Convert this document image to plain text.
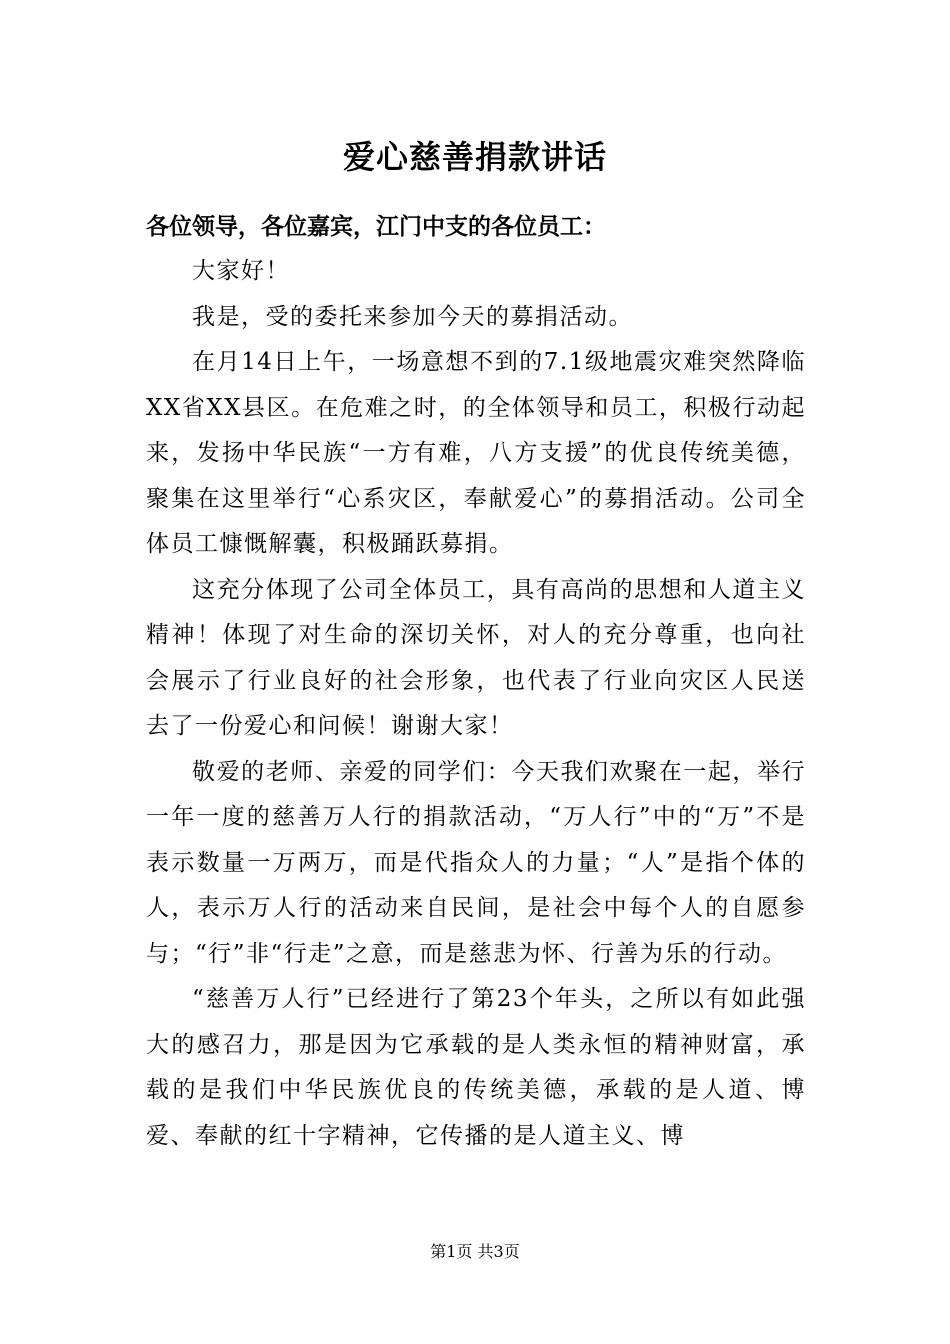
爱心慈善捐款讲话

各位领导，各位嘉宾，江门中支的各位员工：

大家好！

我是，受的委托来参加今天的募捐活动。

在月14日上午，一场意想不到的7.1级地震灾难突然降临XX省XX县区。在危难之时，的全体领导和员工，积极行动起来，发扬中华民族“一方有难，八方支援”的优良传统美德，聚集在这里举行“心系灾区，奉献爱心”的募捐活动。公司全体员工慷慨解囊，积极踊跃募捐。

这充分体现了公司全体员工，具有高尚的思想和人道主义精神！体现了对生命的深切关怀，对人的充分尊重，也向社会展示了行业良好的社会形象，也代表了行业向灾区人民送去了一份爱心和问候！谢谢大家！

敬爱的老师、亲爱的同学们：今天我们欢聚在一起，举行一年一度的慈善万人行的捐款活动，“万人行”中的“万”不是表示数量一万两万，而是代指众人的力量；“人”是指个体的人，表示万人行的活动来自民间，是社会中每个人的自愿参与；“行”非“行走”之意，而是慈悲为怀、行善为乐的行动。

“慈善万人行”已经进行了第23个年头，之所以有如此强大的感召力，那是因为它承载的是人类永恒的精神财富，承载的是我们中华民族优良的传统美德，承载的是人道、博爱、奉献的红十字精神，它传播的是人道主义、博

第1页 共3页
